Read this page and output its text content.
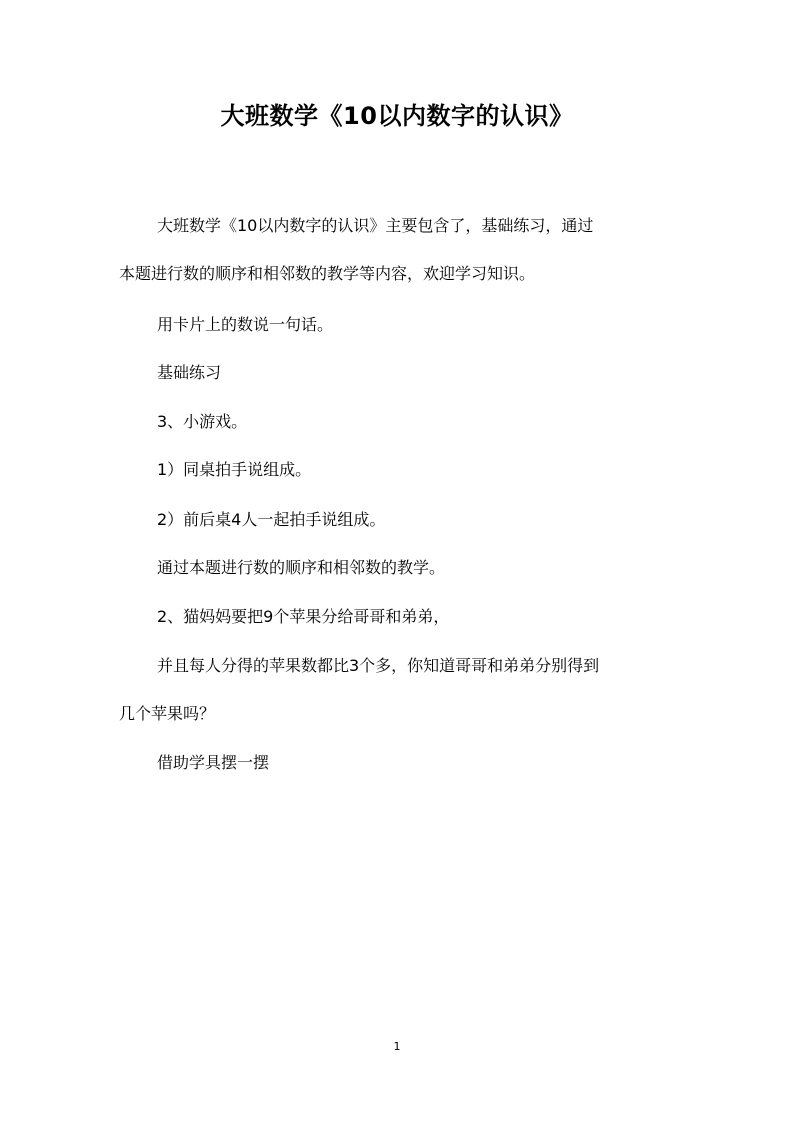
大班数学《10以内数字的认识》
大班数学《10以内数字的认识》主要包含了，基础练习，通过
本题进行数的顺序和相邻数的教学等内容，欢迎学习知识。
用卡片上的数说一句话。
基础练习
3、小游戏。
1）同桌拍手说组成。
2）前后桌4人一起拍手说组成。
通过本题进行数的顺序和相邻数的教学。
2、猫妈妈要把9个苹果分给哥哥和弟弟，
并且每人分得的苹果数都比3个多，你知道哥哥和弟弟分别得到
几个苹果吗？
借助学具摆一摆
1
